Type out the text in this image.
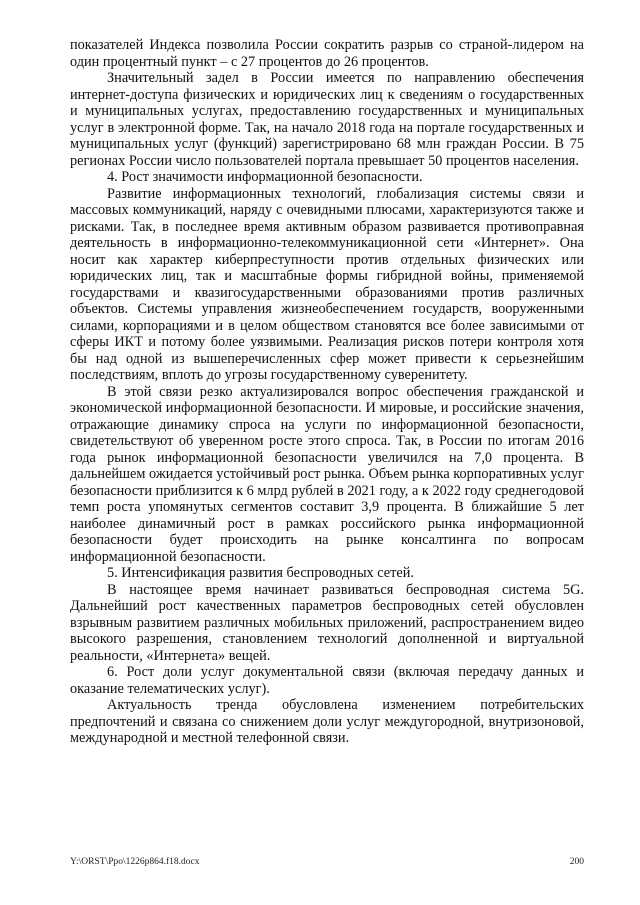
показателей Индекса позволила России сократить разрыв со страной-лидером на один процентный пункт – с 27 процентов до 26 процентов.

Значительный задел в России имеется по направлению обеспечения интернет-доступа физических и юридических лиц к сведениям о государственных и муниципальных услугах, предоставлению государственных и муниципальных услуг в электронной форме. Так, на начало 2018 года на портале государственных и муниципальных услуг (функций) зарегистрировано 68 млн граждан России. В 75 регионах России число пользователей портала превышает 50 процентов населения.

4. Рост значимости информационной безопасности.

Развитие информационных технологий, глобализация системы связи и массовых коммуникаций, наряду с очевидными плюсами, характеризуются также и рисками. Так, в последнее время активным образом развивается противоправная деятельность в информационно-телекоммуникационной сети «Интернет». Она носит как характер киберпреступности против отдельных физических или юридических лиц, так и масштабные формы гибридной войны, применяемой государствами и квазигосударственными образованиями против различных объектов. Системы управления жизнеобеспечением государств, вооруженными силами, корпорациями и в целом обществом становятся все более зависимыми от сферы ИКТ и потому более уязвимыми. Реализация рисков потери контроля хотя бы над одной из вышеперечисленных сфер может привести к серьезнейшим последствиям, вплоть до угрозы государственному суверенитету.

В этой связи резко актуализировался вопрос обеспечения гражданской и экономической информационной безопасности. И мировые, и российские значения, отражающие динамику спроса на услуги по информационной безопасности, свидетельствуют об уверенном росте этого спроса. Так, в России по итогам 2016 года рынок информационной безопасности увеличился на 7,0 процента. В дальнейшем ожидается устойчивый рост рынка. Объем рынка корпоративных услуг безопасности приблизится к 6 млрд рублей в 2021 году, а к 2022 году среднегодовой темп роста упомянутых сегментов составит 3,9 процента. В ближайшие 5 лет наиболее динамичный рост в рамках российского рынка информационной безопасности будет происходить на рынке консалтинга по вопросам информационной безопасности.

5. Интенсификация развития беспроводных сетей.

В настоящее время начинает развиваться беспроводная система 5G. Дальнейший рост качественных параметров беспроводных сетей обусловлен взрывным развитием различных мобильных приложений, распространением видео высокого разрешения, становлением технологий дополненной и виртуальной реальности, «Интернета» вещей.

6. Рост доли услуг документальной связи (включая передачу данных и оказание телематических услуг).

Актуальность тренда обусловлена изменением потребительских предпочтений и связана со снижением доли услуг междугородной, внутризоновой, международной и местной телефонной связи.

Y:\ORST\Ppo\1226p864.f18.docx	200
